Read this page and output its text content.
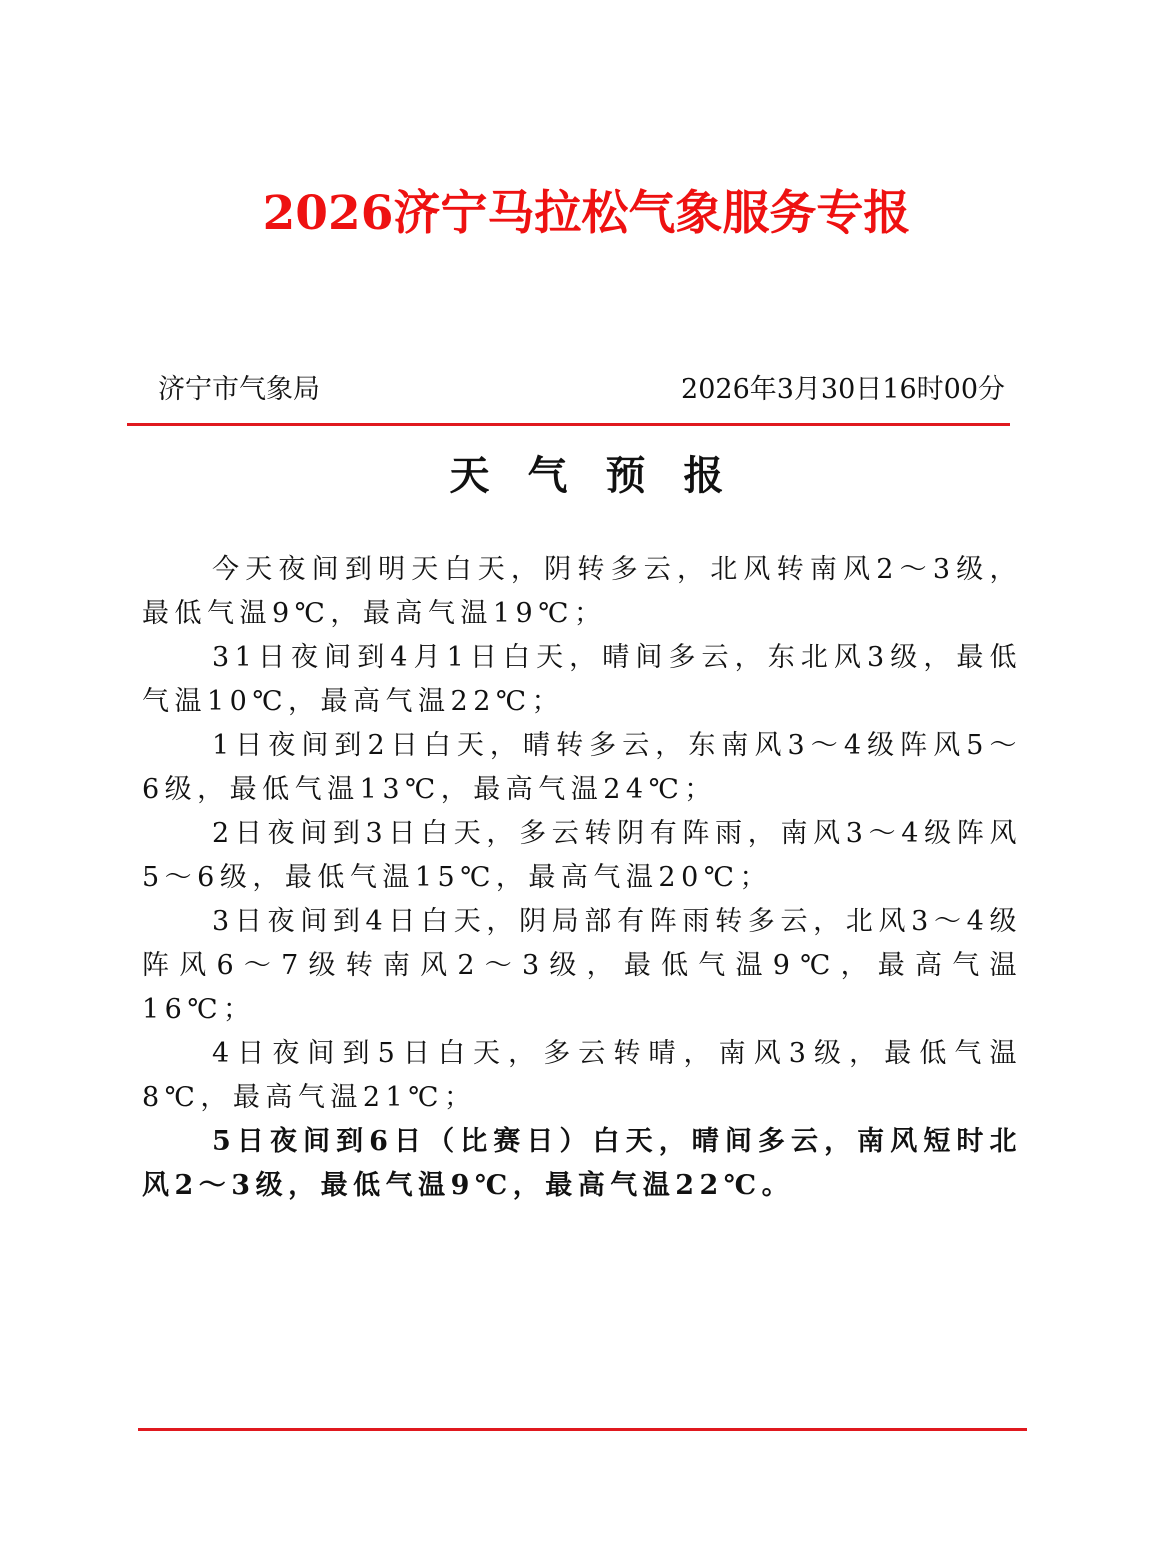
2026济宁马拉松气象服务专报
济宁市气象局	2026年3月30日16时00分
天气预报

今天夜间到明天白天，阴转多云，北风转南风2～3级，最低气温9℃，最高气温19℃；

31日夜间到4月1日白天，晴间多云，东北风3级，最低气温10℃，最高气温22℃；

1日夜间到2日白天，晴转多云，东南风3～4级阵风5～6级，最低气温13℃，最高气温24℃；

2日夜间到3日白天，多云转阴有阵雨，南风3～4级阵风5～6级，最低气温15℃，最高气温20℃；

3日夜间到4日白天，阴局部有阵雨转多云，北风3～4级阵风6～7级转南风2～3级，最低气温9℃，最高气温16℃；

4日夜间到5日白天，多云转晴，南风3级，最低气温8℃，最高气温21℃；

5日夜间到6日（比赛日）白天，晴间多云，南风短时北风2～3级，最低气温9℃，最高气温22℃。
